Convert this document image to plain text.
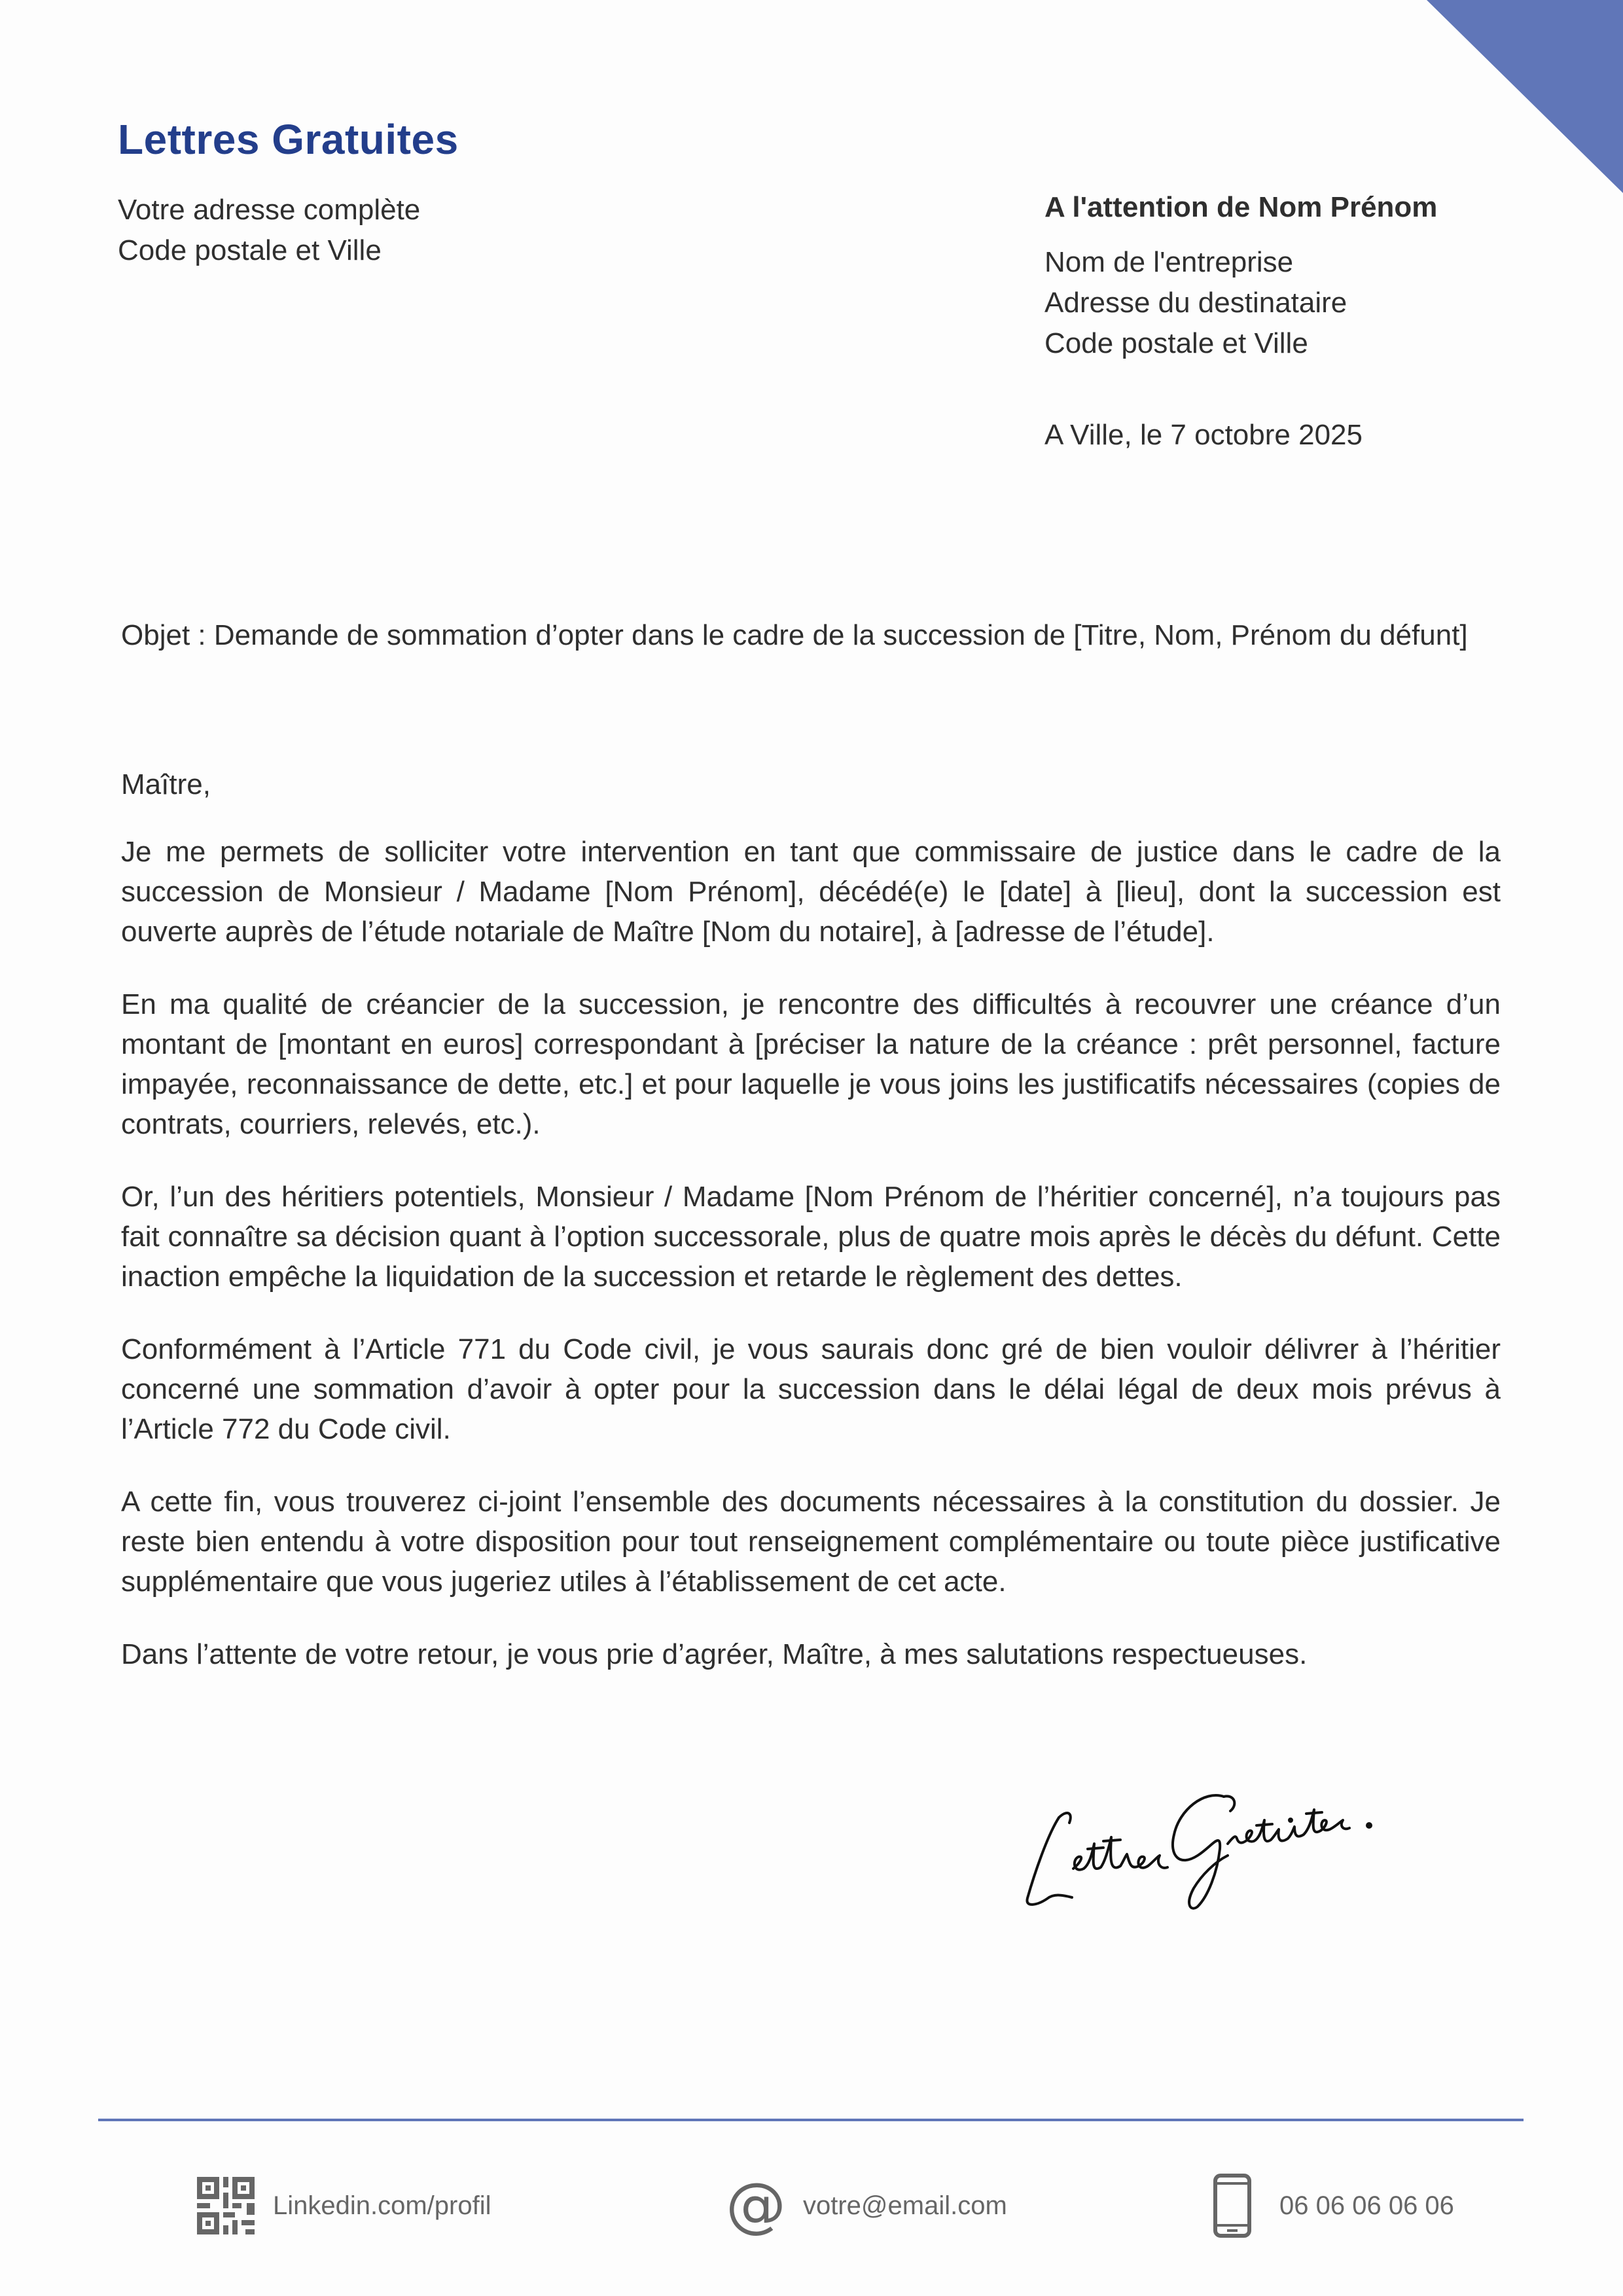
Lettres Gratuites
Votre adresse complète
Code postale et Ville
A l'attention de Nom Prénom
Nom de l'entreprise
Adresse du destinataire
Code postale et Ville
A Ville, le 7 octobre 2025
Objet : Demande de sommation d’opter dans le cadre de la succession de [Titre, Nom, Prénom du défunt]

Maître,

Je me permets de solliciter votre intervention en tant que commissaire de justice dans le cadre de la succession de Monsieur / Madame [Nom Prénom], décédé(e) le [date] à [lieu], dont la succession est ouverte auprès de l’étude notariale de Maître [Nom du notaire], à [adresse de l’étude].

En ma qualité de créancier de la succession, je rencontre des difficultés à recouvrer une créance d’un montant de [montant en euros] correspondant à [préciser la nature de la créance : prêt personnel, facture impayée, reconnaissance de dette, etc.] et pour laquelle je vous joins les justificatifs nécessaires (copies de contrats, courriers, relevés, etc.).

Or, l’un des héritiers potentiels, Monsieur / Madame [Nom Prénom de l’héritier concerné], n’a toujours pas fait connaître sa décision quant à l’option successorale, plus de quatre mois après le décès du défunt. Cette inaction empêche la liquidation de la succession et retarde le règlement des dettes.

Conformément à l’Article 771 du Code civil, je vous saurais donc gré de bien vouloir délivrer à l’héritier concerné une sommation d’avoir à opter pour la succession dans le délai légal de deux mois prévus à l’Article 772 du Code civil.

A cette fin, vous trouverez ci-joint l’ensemble des documents nécessaires à la constitution du dossier. Je reste bien entendu à votre disposition pour tout renseignement complémentaire ou toute pièce justificative supplémentaire que vous jugeriez utiles à l’établissement de cet acte.

Dans l’attente de votre retour, je vous prie d’agréer, Maître, à mes salutations respectueuses.

Linkedin.com/profil	@ votre@email.com	06 06 06 06 06
